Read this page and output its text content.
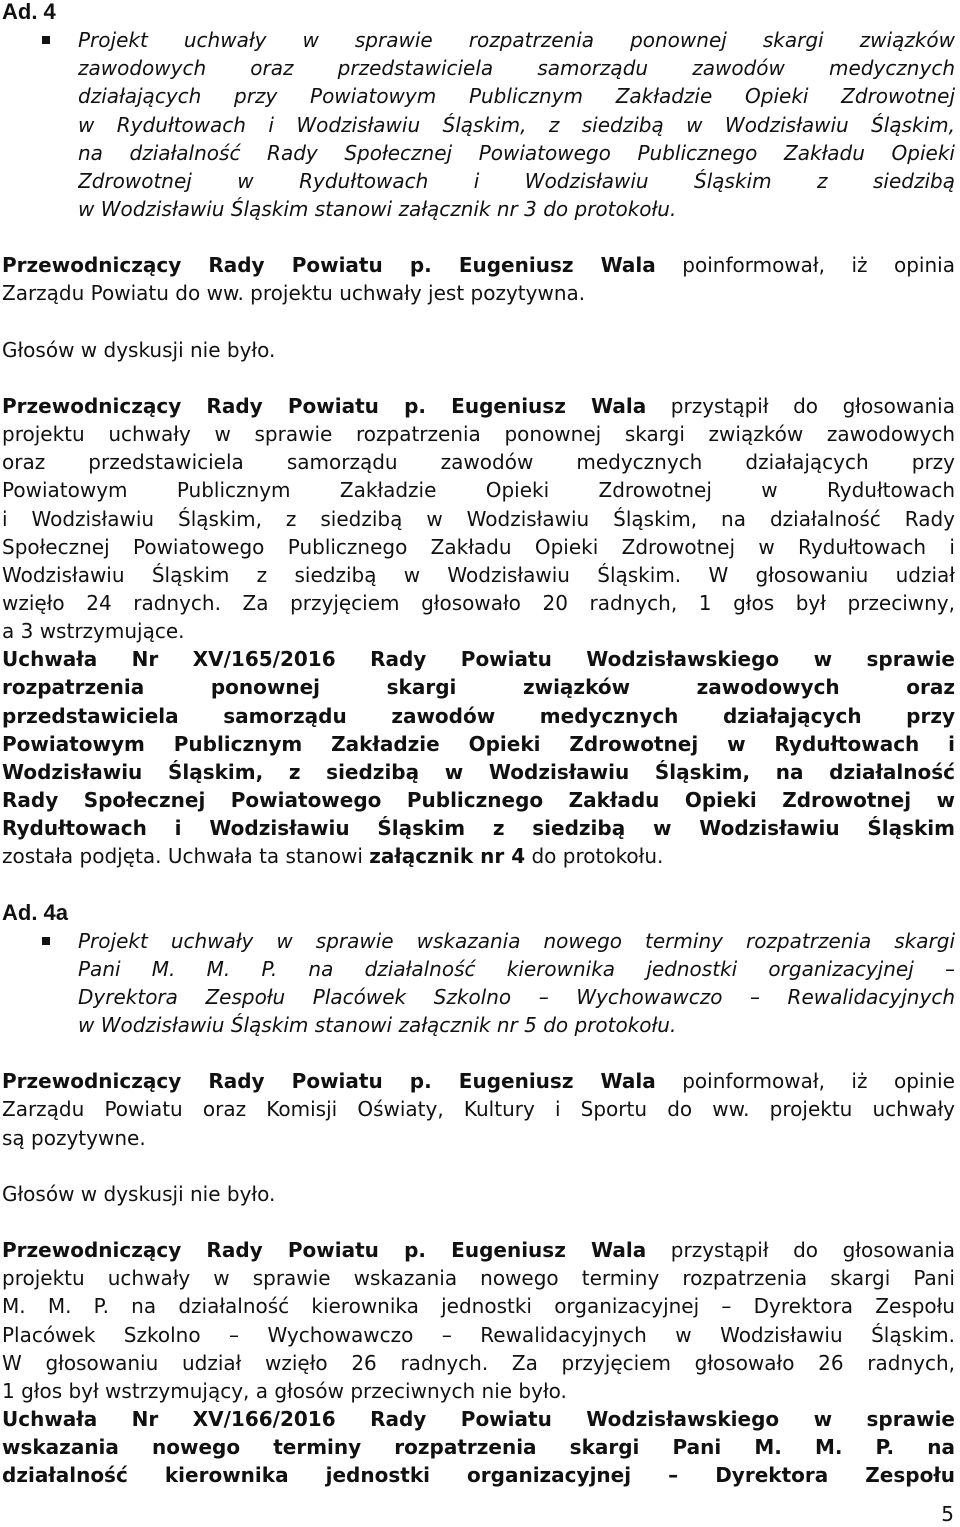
Ad. 4
Projekt uchwały w sprawie rozpatrzenia ponownej skargi związków
zawodowych oraz przedstawiciela samorządu zawodów medycznych
działających przy Powiatowym Publicznym Zakładzie Opieki Zdrowotnej
w Rydułtowach i Wodzisławiu Śląskim, z siedzibą w Wodzisławiu Śląskim,
na działalność Rady Społecznej Powiatowego Publicznego Zakładu Opieki
Zdrowotnej w Rydułtowach i Wodzisławiu Śląskim z siedzibą
w Wodzisławiu Śląskim stanowi załącznik nr 3 do protokołu.
Przewodniczący Rady Powiatu p. Eugeniusz Wala poinformował, iż opinia
Zarządu Powiatu do ww. projektu uchwały jest pozytywna.
Głosów w dyskusji nie było.
Przewodniczący Rady Powiatu p. Eugeniusz Wala przystąpił do głosowania
projektu uchwały w sprawie rozpatrzenia ponownej skargi związków zawodowych
oraz przedstawiciela samorządu zawodów medycznych działających przy
Powiatowym Publicznym Zakładzie Opieki Zdrowotnej w Rydułtowach
i Wodzisławiu Śląskim, z siedzibą w Wodzisławiu Śląskim, na działalność Rady
Społecznej Powiatowego Publicznego Zakładu Opieki Zdrowotnej w Rydułtowach i
Wodzisławiu Śląskim z siedzibą w Wodzisławiu Śląskim. W głosowaniu udział
wzięło 24 radnych. Za przyjęciem głosowało 20 radnych, 1 głos był przeciwny,
a 3 wstrzymujące.
Uchwała Nr XV/165/2016 Rady Powiatu Wodzisławskiego w sprawie
rozpatrzenia ponownej skargi związków zawodowych oraz
przedstawiciela samorządu zawodów medycznych działających przy
Powiatowym Publicznym Zakładzie Opieki Zdrowotnej w Rydułtowach i
Wodzisławiu Śląskim, z siedzibą w Wodzisławiu Śląskim, na działalność
Rady Społecznej Powiatowego Publicznego Zakładu Opieki Zdrowotnej w
Rydułtowach i Wodzisławiu Śląskim z siedzibą w Wodzisławiu Śląskim
została podjęta. Uchwała ta stanowi załącznik nr 4 do protokołu.
Ad. 4a
Projekt uchwały w sprawie wskazania nowego terminy rozpatrzenia skargi
Pani M. M. P. na działalność kierownika jednostki organizacyjnej –
Dyrektora Zespołu Placówek Szkolno – Wychowawczo – Rewalidacyjnych
w Wodzisławiu Śląskim stanowi załącznik nr 5 do protokołu.
Przewodniczący Rady Powiatu p. Eugeniusz Wala poinformował, iż opinie
Zarządu Powiatu oraz Komisji Oświaty, Kultury i Sportu do ww. projektu uchwały
są pozytywne.
Głosów w dyskusji nie było.
Przewodniczący Rady Powiatu p. Eugeniusz Wala przystąpił do głosowania
projektu uchwały w sprawie wskazania nowego terminy rozpatrzenia skargi Pani
M. M. P. na działalność kierownika jednostki organizacyjnej – Dyrektora Zespołu
Placówek Szkolno – Wychowawczo – Rewalidacyjnych w Wodzisławiu Śląskim.
W głosowaniu udział wzięło 26 radnych. Za przyjęciem głosowało 26 radnych,
1 głos był wstrzymujący, a głosów przeciwnych nie było.
Uchwała Nr XV/166/2016 Rady Powiatu Wodzisławskiego w sprawie
wskazania nowego terminy rozpatrzenia skargi Pani M. M. P. na
działalność kierownika jednostki organizacyjnej – Dyrektora Zespołu
5
